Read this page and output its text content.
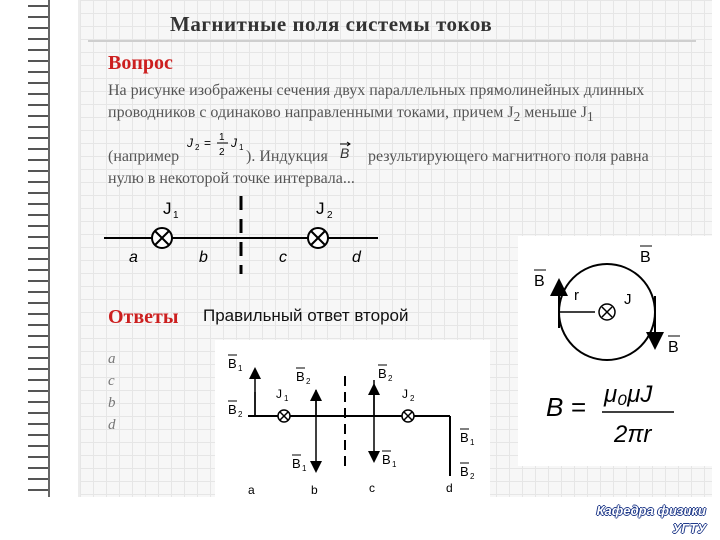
Магнитные поля системы токов
Вопрос
На рисунке изображены сечения двух параллельных прямолинейных длинных
проводников с одинаково направленными токами, причем $J_2$ меньше $J_1$
(например	). Индукция	результирующего магнитного поля равна
нулю в некоторой точке интервала...
J 2 = 1
2
J 1	B
J 1	J 2
a	b	c	d
Ответы Правильный ответ второй
a
c
b
d
B
B
B
r	J
B = μ₀μJ
2πr
B 1
B 2
B 2
B 2
J 1	J 2
B 1
B 2
B 1
B 1
a	b	c	d
Кафедра физики
УГТУ
